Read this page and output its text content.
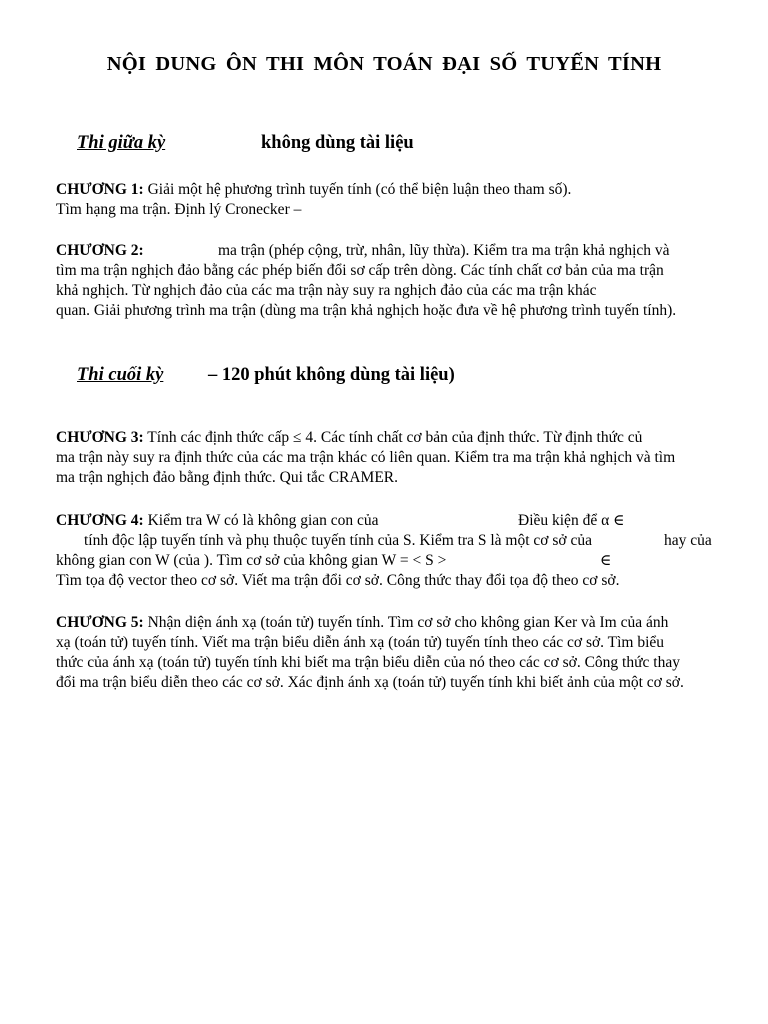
NỘI DUNG ÔN THI MÔN TOÁN ĐẠI SỐ TUYẾN TÍNH
Thi giữa kỳ	không dùng tài liệu
CHƯƠNG 1: Giải một hệ phương trình tuyến tính (có thể biện luận theo tham số).
Tìm hạng ma trận. Định lý Cronecker –
CHƯƠNG 2:	ma trận (phép cộng, trừ, nhân, lũy thừa). Kiểm tra ma trận khả nghịch và
tìm ma trận nghịch đảo bằng các phép biến đổi sơ cấp trên dòng. Các tính chất cơ bản của ma trận
khả nghịch. Từ nghịch đảo của các ma trận này suy ra nghịch đảo của các ma trận khác
quan. Giải phương trình ma trận (dùng ma trận khả nghịch hoặc đưa về hệ phương trình tuyến tính).
Thi cuối kỳ – 120 phút không dùng tài liệu)
CHƯƠNG 3: Tính các định thức cấp ≤ 4. Các tính chất cơ bản của định thức. Từ định thức củ
ma trận này suy ra định thức của các ma trận khác có liên quan. Kiểm tra ma trận khả nghịch và tìm
ma trận nghịch đảo bằng định thức. Qui tắc CRAMER.
CHƯƠNG 4: Kiểm tra W có là không gian con của	Điều kiện để α ∈
tính độc lập tuyến tính và phụ thuộc tuyến tính của S. Kiểm tra S là một cơ sở của	hay của
không gian con W (của ). Tìm cơ sở của không gian W = < S >	∈
Tìm tọa độ vector theo cơ sở. Viết ma trận đổi cơ sở. Công thức thay đổi tọa độ theo cơ sở.
CHƯƠNG 5: Nhận diện ánh xạ (toán tử) tuyến tính. Tìm cơ sở cho không gian Ker và Im của ánh
xạ (toán tử) tuyến tính. Viết ma trận biểu diễn ánh xạ (toán tử) tuyến tính theo các cơ sở. Tìm biểu
thức của ánh xạ (toán tử) tuyến tính khi biết ma trận biểu diễn của nó theo các cơ sở. Công thức thay
đổi ma trận biểu diễn theo các cơ sở. Xác định ánh xạ (toán tử) tuyến tính khi biết ảnh của một cơ sở.
